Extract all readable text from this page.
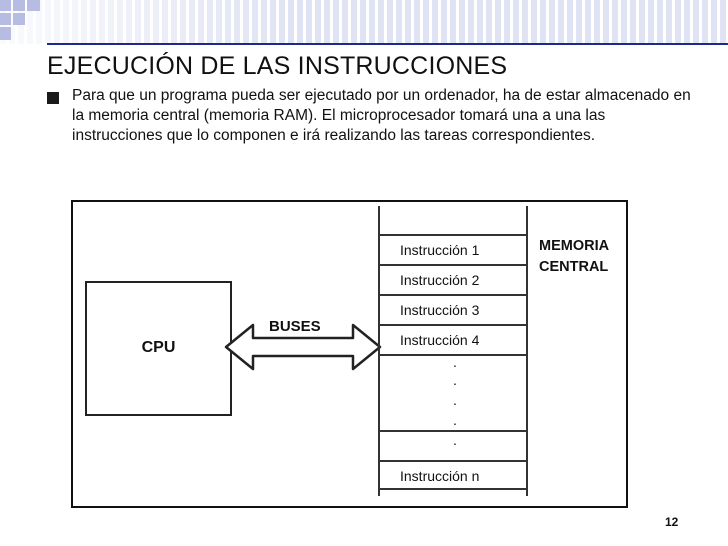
EJECUCIÓN DE LAS INSTRUCCIONES
Para que un programa pueda ser ejecutado por un ordenador, ha de estar almacenado en la memoria central (memoria RAM). El microprocesador tomará una a una las instrucciones que lo componen e irá realizando las tareas correspondientes.
CPU
BUSES
Instrucción 1
Instrucción 2
Instrucción 3
Instrucción 4
.
.
.
.
.
Instrucción n
MEMORIA
CENTRAL
12
